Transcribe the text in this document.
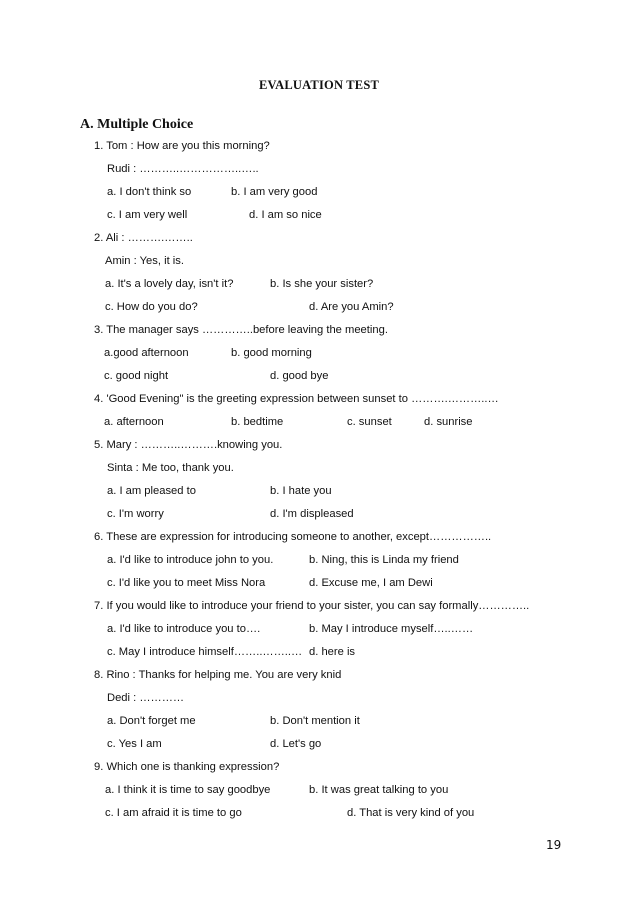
EVALUATION TEST
A. Multiple Choice
1. Tom : How are you this morning?
Rudi : ………..……………..…..
a. I don't think so	b. I am very good
c. I am very well	d. I am so nice
2. Ali : ……….……..
Amin : Yes, it is.
a. It's a lovely day, isn't it?	b. Is she your sister?
c. How do you do?	d. Are you Amin?
3. The manager says …………..before leaving the meeting.
a.good afternoon	b. good morning
c. good night	d. good bye
4. 'Good Evening" is the greeting expression between sunset to ……….………..…
a. afternoon	b. bedtime	c. sunset	d. sunrise
5. Mary : ………..……….knowing you.
Sinta : Me too, thank you.
a. I am pleased to	b. I hate you
c. I'm worry	d. I'm displeased
6. These are expression for introducing someone to another, except……………..
a. I'd like to introduce john to you.	b. Ning, this is Linda my friend
c. I'd like you to meet Miss Nora	d. Excuse me, I am Dewi
7. If you would like to introduce your friend to your sister, you can say formally…………..
a. I'd like to introduce you to….	b. May I introduce myself…..……
c. May I introduce himself……..……..… d. here is
8. Rino : Thanks for helping me. You are very knid
Dedi : …………
a. Don't forget me	b. Don't mention it
c. Yes I am	d. Let's go
9. Which one is thanking expression?
a. I think it is time to say goodbye	b. It was great talking to you
c. I am afraid it is time to go	d. That is very kind of you
19
